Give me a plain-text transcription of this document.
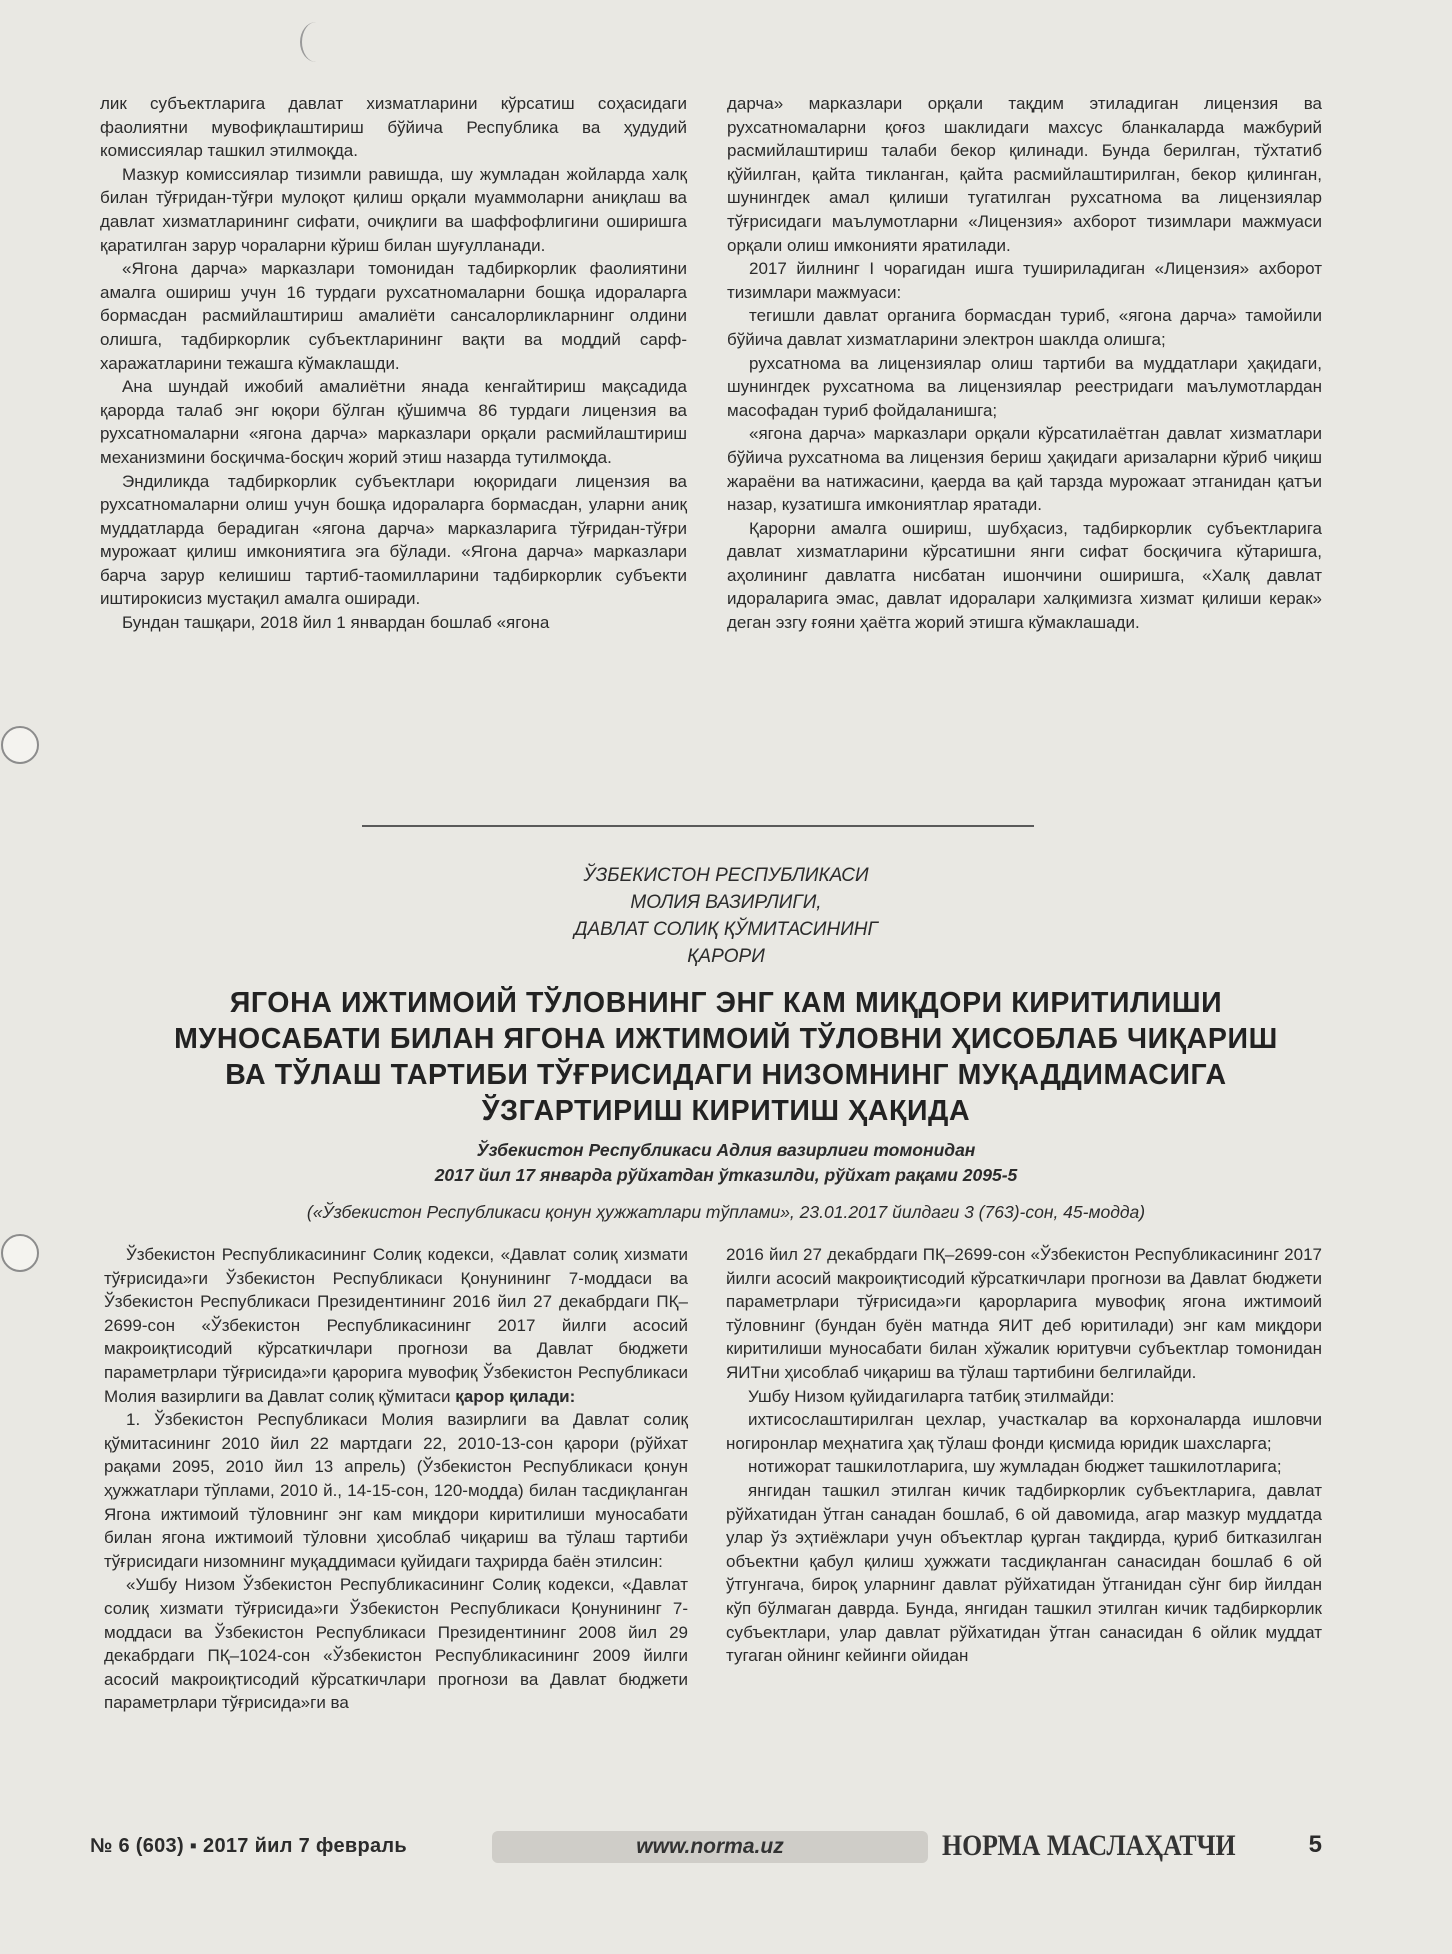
лик субъектларига давлат хизматларини кўрсатиш соҳасидаги фаолиятни мувофиқлаштириш бўйича Республика ва ҳудудий комиссиялар ташкил этилмоқда.

Мазкур комиссиялар тизимли равишда, шу жумладан жойларда халқ билан тўғридан-тўғри мулоқот қилиш орқали муаммоларни аниқлаш ва давлат хизматларининг сифати, очиқлиги ва шаффофлигини оширишга қаратилган зарур чораларни кўриш билан шуғулланади.

«Ягона дарча» марказлари томонидан тадбиркорлик фаолиятини амалга ошириш учун 16 турдаги рухсатномаларни бошқа идораларга бормасдан расмийлаштириш амалиёти сансалорликларнинг олдини олишга, тадбиркорлик субъектларининг вақти ва моддий сарф-харажатларини тежашга кўмаклашди.

Ана шундай ижобий амалиётни янада кенгайтириш мақсадида қарорда талаб энг юқори бўлган қўшимча 86 турдаги лицензия ва рухсатномаларни «ягона дарча» марказлари орқали расмийлаштириш механизмини босқичма-босқич жорий этиш назарда тутилмоқда.

Эндиликда тадбиркорлик субъектлари юқоридаги лицензия ва рухсатномаларни олиш учун бошқа идораларга бормасдан, уларни аниқ муддатларда берадиган «ягона дарча» марказларига тўғридан-тўғри мурожаат қилиш имкониятига эга бўлади. «Ягона дарча» марказлари барча зарур келишиш тартиб-таомилларини тадбиркорлик субъекти иштирокисиз мустақил амалга оширади.

Бундан ташқари, 2018 йил 1 январдан бошлаб «ягона

дарча» марказлари орқали тақдим этиладиган лицензия ва рухсатномаларни қоғоз шаклидаги махсус бланкаларда мажбурий расмийлаштириш талаби бекор қилинади. Бунда берилган, тўхтатиб қўйилган, қайта тикланган, қайта расмийлаштирилган, бекор қилинган, шунингдек амал қилиши тугатилган рухсатнома ва лицензиялар тўғрисидаги маълумотларни «Лицензия» ахборот тизимлари мажмуаси орқали олиш имконияти яратилади.

2017 йилнинг I чорагидан ишга тушириладиган «Лицензия» ахборот тизимлари мажмуаси:

тегишли давлат органига бормасдан туриб, «ягона дарча» тамойили бўйича давлат хизматларини электрон шаклда олишга;

рухсатнома ва лицензиялар олиш тартиби ва муддатлари ҳақидаги, шунингдек рухсатнома ва лицензиялар реестридаги маълумотлардан масофадан туриб фойдаланишга;

«ягона дарча» марказлари орқали кўрсатилаётган давлат хизматлари бўйича рухсатнома ва лицензия бериш ҳақидаги аризаларни кўриб чиқиш жараёни ва натижасини, қаерда ва қай тарзда мурожаат этганидан қатъи назар, кузатишга имкониятлар яратади.

Қарорни амалга ошириш, шубҳасиз, тадбиркорлик субъектларига давлат хизматларини кўрсатишни янги сифат босқичига кўтаришга, аҳолининг давлатга нисбатан ишончини оширишга, «Халқ давлат идораларига эмас, давлат идоралари халқимизга хизмат қилиши керак» деган эзгу ғояни ҳаётга жорий этишга кўмаклашади.

ЎЗБЕКИСТОН РЕСПУБЛИКАСИ
МОЛИЯ ВАЗИРЛИГИ,
ДАВЛАТ СОЛИҚ ҚЎМИТАСИНИНГ
ҚАРОРИ
ЯГОНА ИЖТИМОИЙ ТЎЛОВНИНГ ЭНГ КАМ МИҚДОРИ КИРИТИЛИШИ
МУНОСАБАТИ БИЛАН ЯГОНА ИЖТИМОИЙ ТЎЛОВНИ ҲИСОБЛАБ ЧИҚАРИШ
ВА ТЎЛАШ ТАРТИБИ ТЎҒРИСИДАГИ НИЗОМНИНГ МУҚАДДИМАСИГА
ЎЗГАРТИРИШ КИРИТИШ ҲАҚИДА
Ўзбекистон Республикаси Адлия вазирлиги томонидан
2017 йил 17 январда рўйхатдан ўтказилди, рўйхат рақами 2095-5
(«Ўзбекистон Республикаси қонун ҳужжатлари тўплами», 23.01.2017 йилдаги 3 (763)-сон, 45-модда)

Ўзбекистон Республикасининг Солиқ кодекси, «Давлат солиқ хизмати тўғрисида»ги Ўзбекистон Республикаси Қонунининг 7-моддаси ва Ўзбекистон Республикаси Президентининг 2016 йил 27 декабрдаги ПҚ–2699-сон «Ўзбекистон Республикасининг 2017 йилги асосий макроиқтисодий кўрсаткичлари прогнози ва Давлат бюджети параметрлари тўғрисида»ги қарорига мувофиқ Ўзбекистон Республикаси Молия вазирлиги ва Давлат солиқ қўмитаси қарор қилади:

1. Ўзбекистон Республикаси Молия вазирлиги ва Давлат солиқ қўмитасининг 2010 йил 22 мартдаги 22, 2010-13-сон қарори (рўйхат рақами 2095, 2010 йил 13 апрель) (Ўзбекистон Республикаси қонун ҳужжатлари тўплами, 2010 й., 14-15-сон, 120-модда) билан тасдиқланган Ягона ижтимоий тўловнинг энг кам миқдори киритилиши муносабати билан ягона ижтимоий тўловни ҳисоблаб чиқариш ва тўлаш тартиби тўғрисидаги низомнинг муқаддимаси қуйидаги таҳрирда баён этилсин:

«Ушбу Низом Ўзбекистон Республикасининг Солиқ кодекси, «Давлат солиқ хизмати тўғрисида»ги Ўзбекистон Республикаси Қонунининг 7-моддаси ва Ўзбекистон Республикаси Президентининг 2008 йил 29 декабрдаги ПҚ–1024-сон «Ўзбекистон Республикасининг 2009 йилги асосий макроиқтисодий кўрсаткичлари прогнози ва Давлат бюджети параметрлари тўғрисида»ги ва

2016 йил 27 декабрдаги ПҚ–2699-сон «Ўзбекистон Республикасининг 2017 йилги асосий макроиқтисодий кўрсаткичлари прогнози ва Давлат бюджети параметрлари тўғрисида»ги қарорларига мувофиқ ягона ижтимоий тўловнинг (бундан буён матнда ЯИТ деб юритилади) энг кам миқдори киритилиши муносабати билан хўжалик юритувчи субъектлар томонидан ЯИТни ҳисоблаб чиқариш ва тўлаш тартибини белгилайди.

Ушбу Низом қуйидагиларга татбиқ этилмайди:

ихтисослаштирилган цехлар, участкалар ва корхоналарда ишловчи ногиронлар меҳнатига ҳақ тўлаш фонди қисмида юридик шахсларга;

нотижорат ташкилотларига, шу жумладан бюджет ташкилотларига;

янгидан ташкил этилган кичик тадбиркорлик субъектларига, давлат рўйхатидан ўтган санадан бошлаб, 6 ой давомида, агар мазкур муддатда улар ўз эҳтиёжлари учун объектлар қурган тақдирда, қуриб битказилган объектни қабул қилиш ҳужжати тасдиқланган санасидан бошлаб 6 ой ўтгунгача, бироқ уларнинг давлат рўйхатидан ўтганидан сўнг бир йилдан кўп бўлмаган даврда. Бунда, янгидан ташкил этилган кичик тадбиркорлик субъектлари, улар давлат рўйхатидан ўтган санасидан 6 ойлик муддат тугаган ойнинг кейинги ойидан

№ 6 (603) ▪ 2017 йил 7 февраль	www.norma.uz	НОРМА МАСЛАҲАТЧИ	5
